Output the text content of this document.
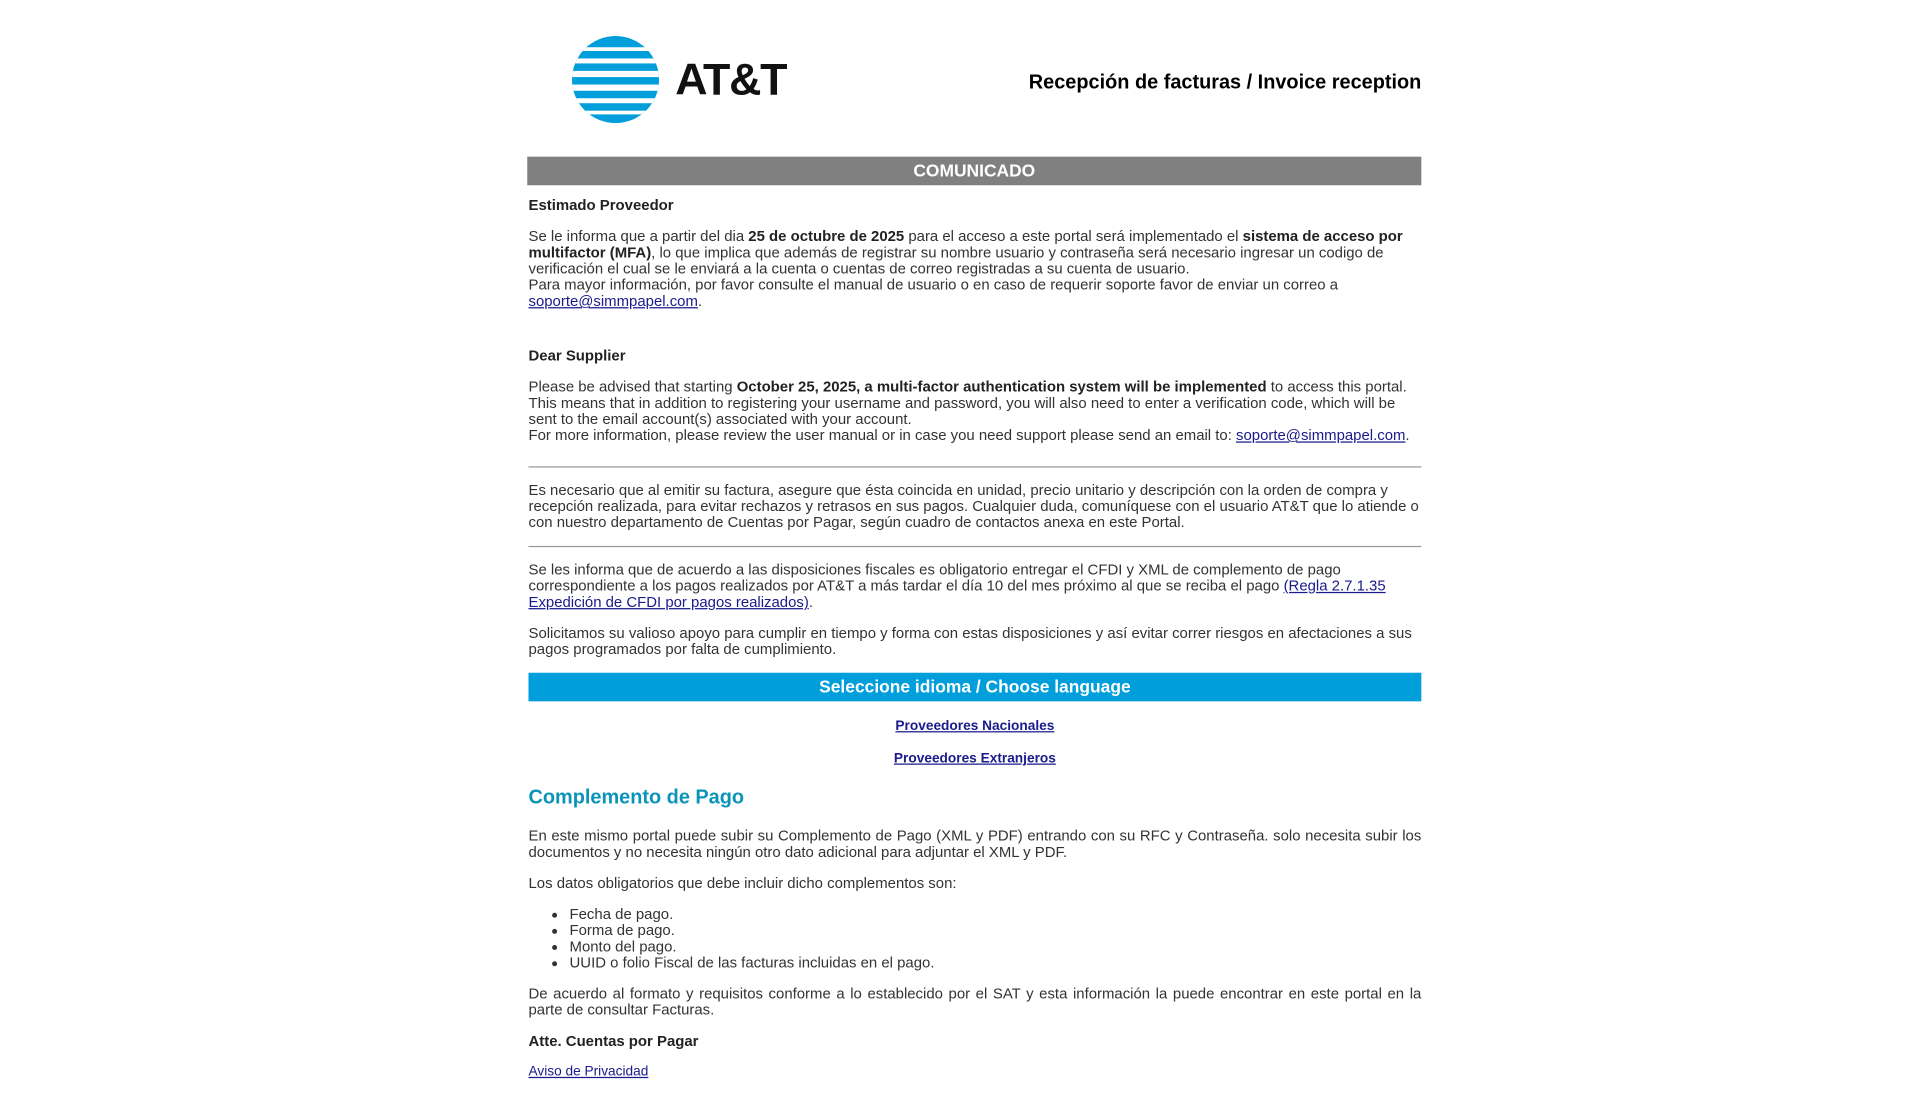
AT&T	Recepción de facturas / Invoice reception
COMUNICADO
Estimado Proveedor

Se le informa que a partir del dia 25 de octubre de 2025 para el acceso a este portal será implementado el sistema de acceso por multifactor (MFA), lo que implica que además de registrar su nombre usuario y contraseña será necesario ingresar un codigo de verificación el cual se le enviará a la cuenta o cuentas de correo registradas a su cuenta de usuario.

Para mayor información, por favor consulte el manual de usuario o en caso de requerir soporte favor de enviar un correo a
soporte@simmpapel.com.

Dear Supplier

Please be advised that starting October 25, 2025, a multi-factor authentication system will be implemented to access this portal. This means that in addition to registering your username and password, you will also need to enter a verification code, which will be sent to the email account(s) associated with your account.

For more information, please review the user manual or in case you need support please send an email to: soporte@simmpapel.com.

Es necesario que al emitir su factura, asegure que ésta coincida en unidad, precio unitario y descripción con la orden de compra y recepción realizada, para evitar rechazos y retrasos en sus pagos. Cualquier duda, comuníquese con el usuario AT&T que lo atiende o con nuestro departamento de Cuentas por Pagar, según cuadro de contactos anexa en este Portal.

Se les informa que de acuerdo a las disposiciones fiscales es obligatorio entregar el CFDI y XML de complemento de pago correspondiente a los pagos realizados por AT&T a más tardar el día 10 del mes próximo al que se reciba el pago (Regla 2.7.1.35 Expedición de CFDI por pagos realizados).

Solicitamos su valioso apoyo para cumplir en tiempo y forma con estas disposiciones y así evitar correr riesgos en afectaciones a sus pagos programados por falta de cumplimiento.

Seleccione idioma / Choose language
Proveedores Nacionales
Proveedores Extranjeros
Complemento de Pago

En este mismo portal puede subir su Complemento de Pago (XML y PDF) entrando con su RFC y Contraseña. solo necesita subir los documentos y no necesita ningún otro dato adicional para adjuntar el XML y PDF.

Los datos obligatorios que debe incluir dicho complementos son:

• Fecha de pago.
• Forma de pago.
• Monto del pago.
• UUID o folio Fiscal de las facturas incluidas en el pago.

De acuerdo al formato y requisitos conforme a lo establecido por el SAT y esta información la puede encontrar en este portal en la parte de consultar Facturas.

Atte. Cuentas por Pagar
Aviso de Privacidad
